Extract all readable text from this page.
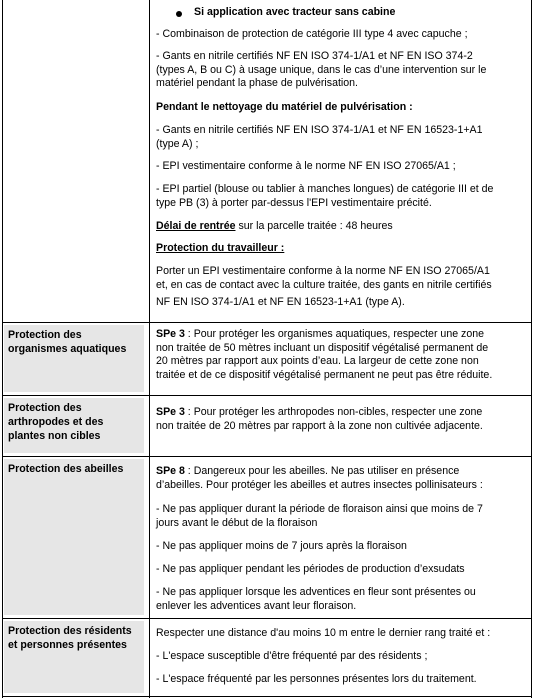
Protection des
organismes aquatiques
Protection des
arthropodes et des
plantes non cibles
Protection des abeilles
Protection des résidents
et personnes présentes
Si application avec tracteur sans cabine
- Combinaison de protection de catégorie III type 4 avec capuche ;
- Gants en nitrile certifiés NF EN ISO 374-1/A1 et NF EN ISO 374-2
(types A, B ou C) à usage unique, dans le cas d’une intervention sur le
matériel pendant la phase de pulvérisation.
Pendant le nettoyage du matériel de pulvérisation :
- Gants en nitrile certifiés NF EN ISO 374-1/A1 et NF EN 16523-1+A1
(type A) ;
- EPI vestimentaire conforme à le norme NF EN ISO 27065/A1 ;
- EPI partiel (blouse ou tablier à manches longues) de catégorie III et de
type PB (3) à porter par-dessus l'EPI vestimentaire précité.
Délai de rentrée sur la parcelle traitée : 48 heures
Protection du travailleur :
Porter un EPI vestimentaire conforme à la norme NF EN ISO 27065/A1
et, en cas de contact avec la culture traitée, des gants en nitrile certifiés
NF EN ISO 374-1/A1 et NF EN 16523-1+A1 (type A).
SPe 3 : Pour protéger les organismes aquatiques, respecter une zone
non traitée de 50 mètres incluant un dispositif végétalisé permanent de
20 mètres par rapport aux points d’eau. La largeur de cette zone non
traitée et de ce dispositif végétalisé permanent ne peut pas être réduite.
SPe 3 : Pour protéger les arthropodes non-cibles, respecter une zone
non traitée de 20 mètres par rapport à la zone non cultivée adjacente.
SPe 8 : Dangereux pour les abeilles. Ne pas utiliser en présence
d’abeilles. Pour protéger les abeilles et autres insectes pollinisateurs :
- Ne pas appliquer durant la période de floraison ainsi que moins de 7
jours avant le début de la floraison
- Ne pas appliquer moins de 7 jours après la floraison
- Ne pas appliquer pendant les périodes de production d’exsudats
- Ne pas appliquer lorsque les adventices en fleur sont présentes ou
enlever les adventices avant leur floraison.
Respecter une distance d'au moins 10 m entre le dernier rang traité et :
- L'espace susceptible d'être fréquenté par des résidents ;
- L'espace fréquenté par les personnes présentes lors du traitement.
